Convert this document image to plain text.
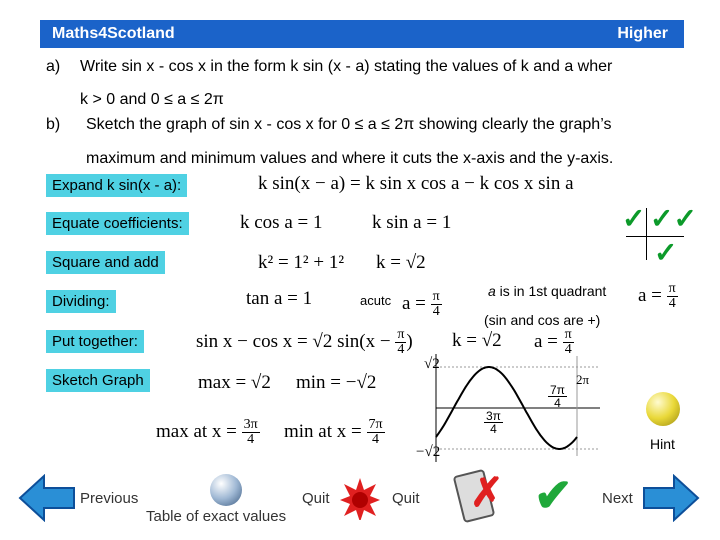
Maths4Scotland	Higher
a) Write sin x - cos x in the form k sin (x - a) stating the values of k and a wher
k > 0 and 0 ≤ a ≤ 2π
b) Sketch the graph of sin x - cos x for 0 ≤ a ≤ 2π showing clearly the graph’s
maximum and minimum values and where it cuts the x-axis and the y-axis.
Expand k sin(x - a):
Equate coefficients:
Square and add
Dividing:
Put together:
Sketch Graph
k sin(x − a) = k sin x cos a − k cos x sin a
k cos a = 1	k sin a = 1	✓ ✓✓
✓
k² = 1² + 1² k = √2
tan a = 1	acutc $a = \frac{\pi}{4}$	a is in 1st quadrant
(sin and cos are +)
$a = \frac{\pi}{4}$
sin x − cos x = √2 $\sin(x - \frac{\pi}{4}$ ) k = √2 $a = \frac{\pi}{4}$
max = √2 min = −√2
max at $x = \frac{3\pi}{4}$ min at $x = \frac{7\pi}{4}$
√2
−√2
2π
$\frac{7\pi}{4}$
$\frac{3\pi}{4}$
Hint
Previous
Table of exact values
Quit	Quit ✗ ✔ Next
